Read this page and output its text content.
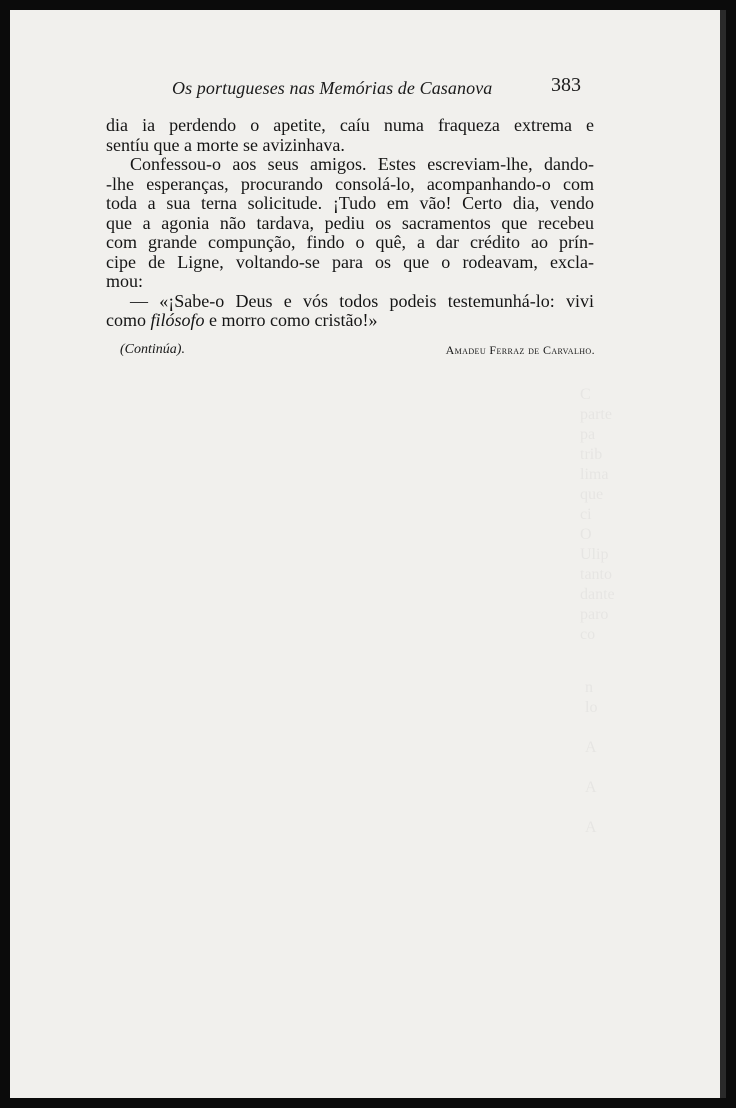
C
parte
pa
trib
lima
que
ci
O
Ulip
tanto
dante
paro
co
n
lo

A

A

A
Os portugueses nas Memórias de Casanova	383
dia ia perdendo o apetite, caíu numa fraqueza extrema e
sentíu que a morte se avizinhava.
Confessou-o aos seus amigos. Estes escreviam-lhe, dando-
-lhe esperanças, procurando consolá-lo, acompanhando-o com
toda a sua terna solicitude. ¡Tudo em vão! Certo dia, vendo
que a agonia não tardava, pediu os sacramentos que recebeu
com grande compunção, findo o quê, a dar crédito ao prín-
cipe de Ligne, voltando-se para os que o rodeavam, excla-
mou:
— «¡Sabe-o Deus e vós todos podeis testemunhá-lo: vivi
como filósofo e morro como cristão!»
(Continúa).	Amadeu Ferraz de Carvalho.
